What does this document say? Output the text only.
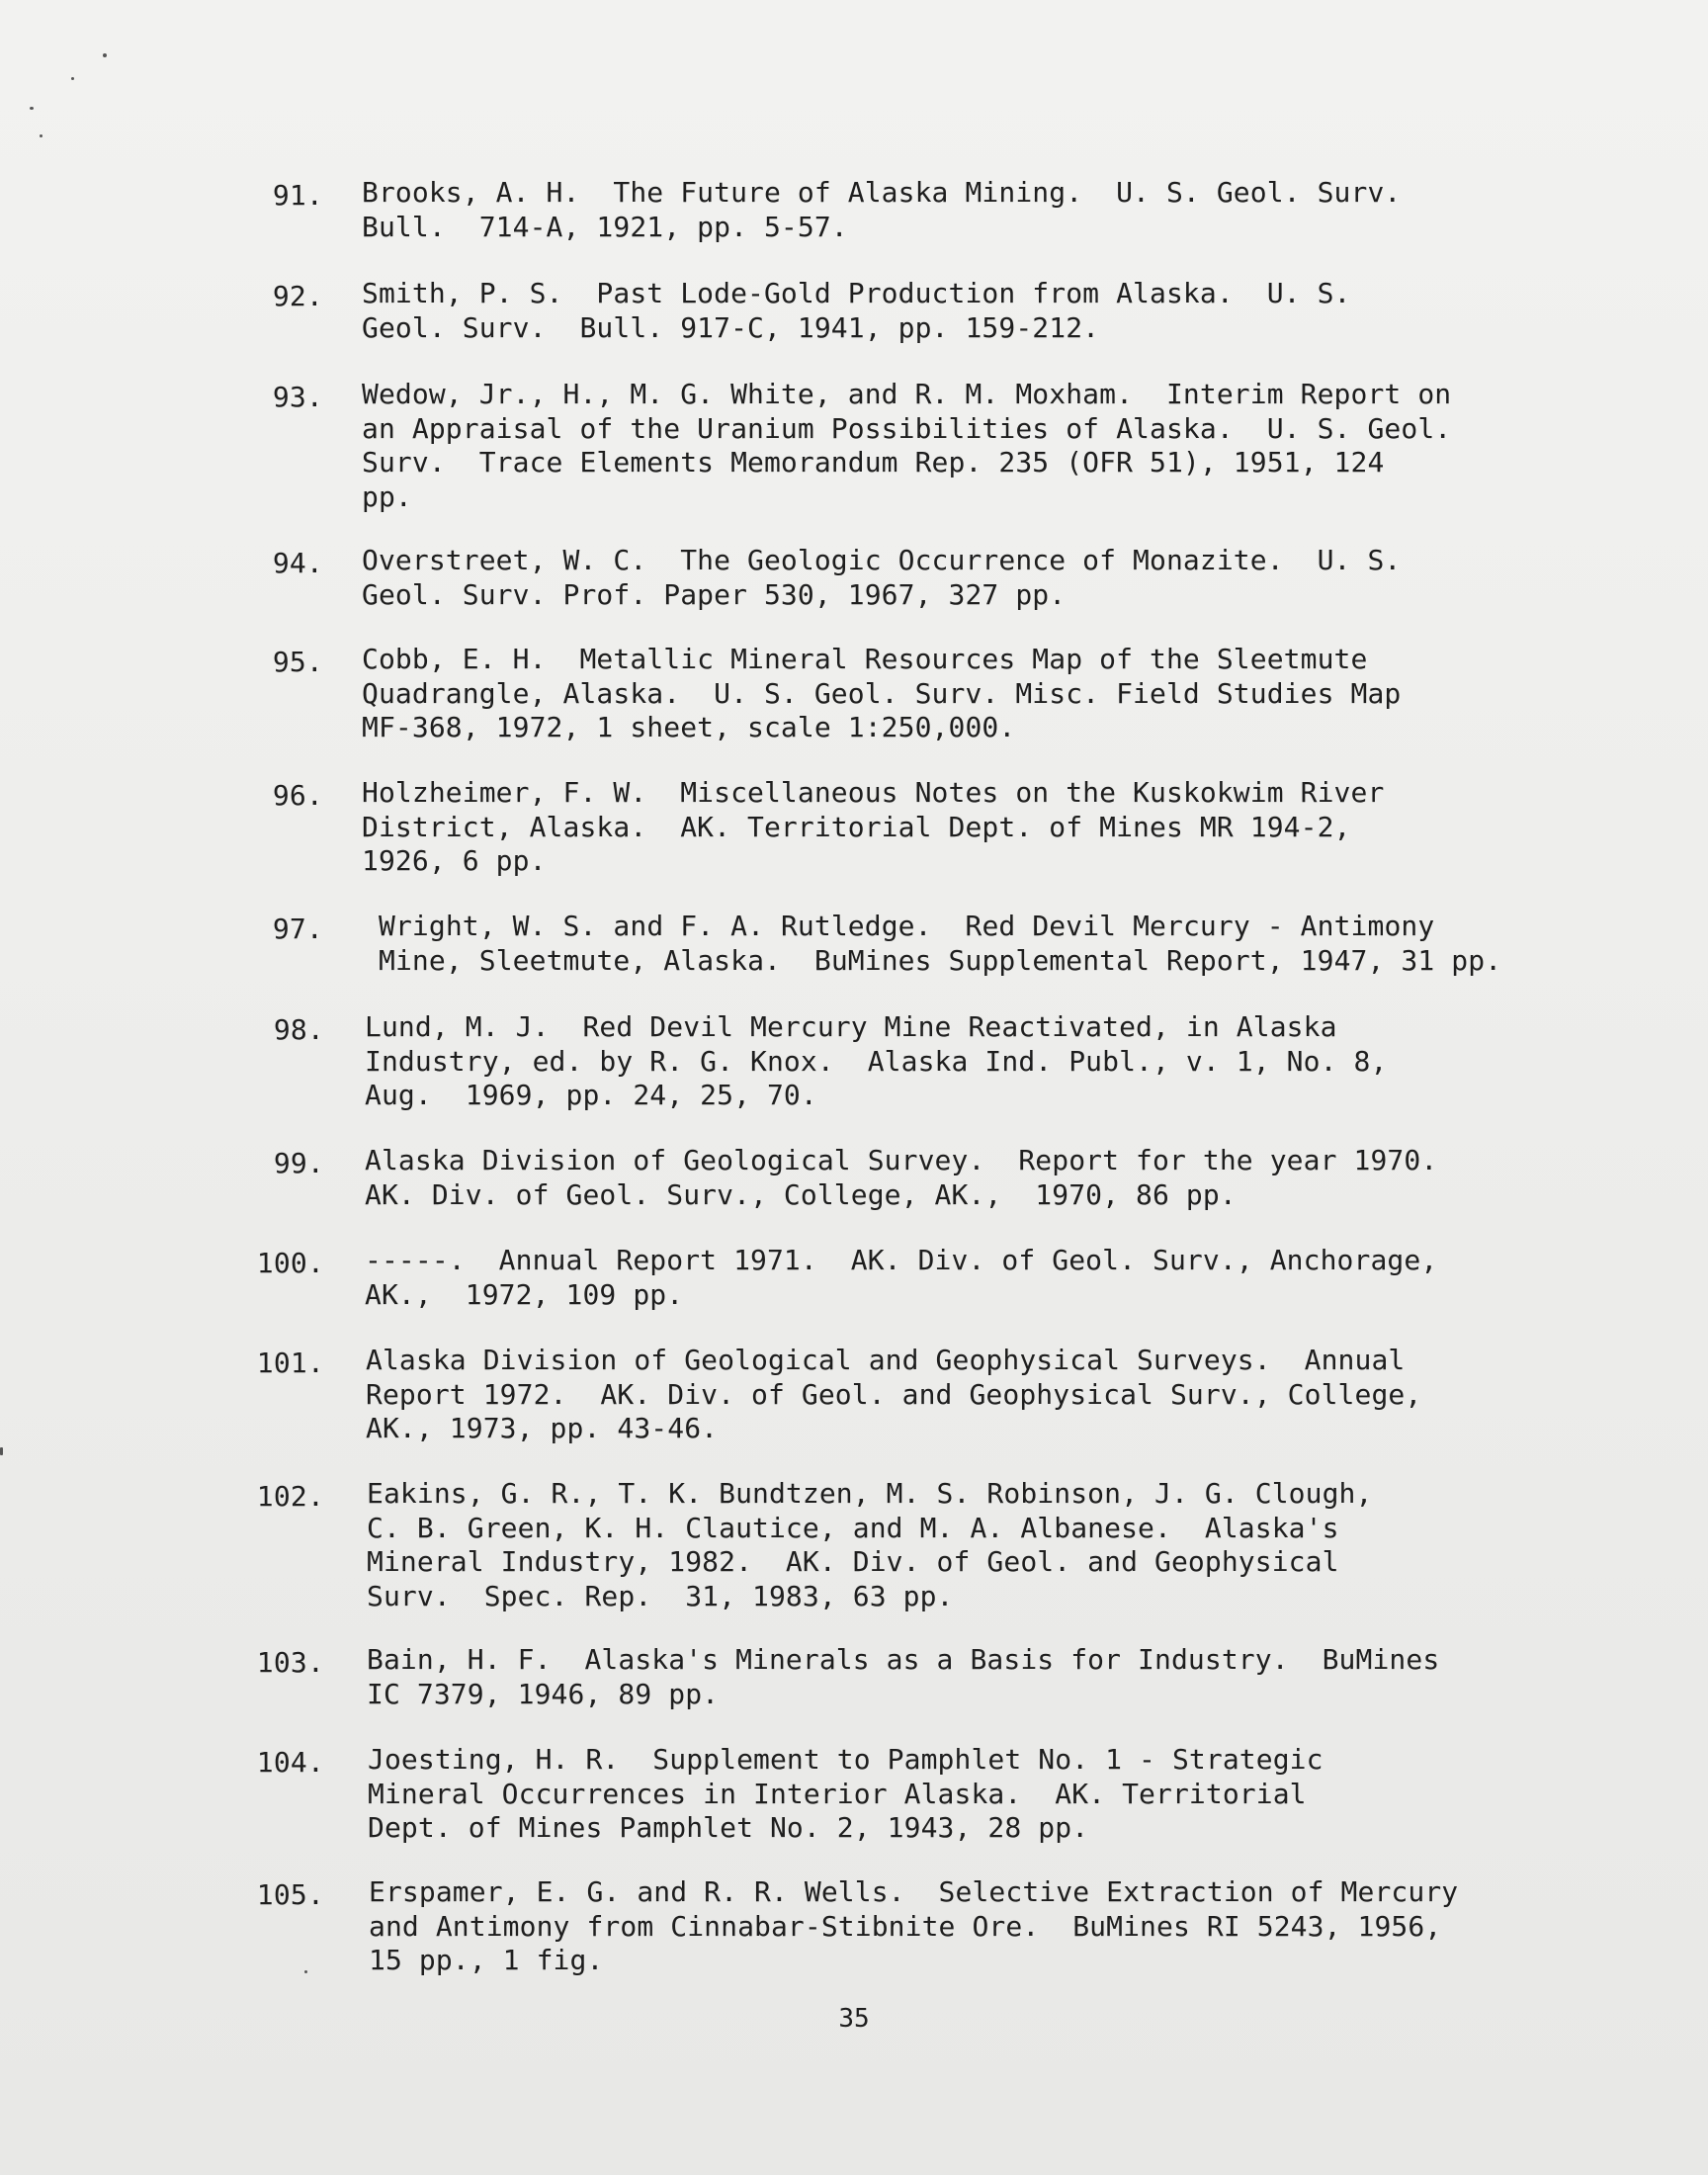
91. Brooks, A. H.  The Future of Alaska Mining.  U. S. Geol. Surv.
Bull.  714-A, 1921, pp. 5-57.
92. Smith, P. S.  Past Lode-Gold Production from Alaska.  U. S.
Geol. Surv.  Bull. 917-C, 1941, pp. 159-212.
93. Wedow, Jr., H., M. G. White, and R. M. Moxham.  Interim Report on
an Appraisal of the Uranium Possibilities of Alaska.  U. S. Geol.
Surv.  Trace Elements Memorandum Rep. 235 (OFR 51), 1951, 124
pp.
94. Overstreet, W. C.  The Geologic Occurrence of Monazite.  U. S.
Geol. Surv. Prof. Paper 530, 1967, 327 pp.
95. Cobb, E. H.  Metallic Mineral Resources Map of the Sleetmute
Quadrangle, Alaska.  U. S. Geol. Surv. Misc. Field Studies Map
MF-368, 1972, 1 sheet, scale 1:250,000.
96. Holzheimer, F. W.  Miscellaneous Notes on the Kuskokwim River
District, Alaska.  AK. Territorial Dept. of Mines MR 194-2,
1926, 6 pp.
97. Wright, W. S. and F. A. Rutledge.  Red Devil Mercury - Antimony
Mine, Sleetmute, Alaska.  BuMines Supplemental Report, 1947, 31 pp.
98. Lund, M. J.  Red Devil Mercury Mine Reactivated, in Alaska
Industry, ed. by R. G. Knox.  Alaska Ind. Publ., v. 1, No. 8,
Aug.  1969, pp. 24, 25, 70.
99. Alaska Division of Geological Survey.  Report for the year 1970.
AK. Div. of Geol. Surv., College, AK.,  1970, 86 pp.
100. -----.  Annual Report 1971.  AK. Div. of Geol. Surv., Anchorage,
AK.,  1972, 109 pp.
101. Alaska Division of Geological and Geophysical Surveys.  Annual
Report 1972.  AK. Div. of Geol. and Geophysical Surv., College,
AK., 1973, pp. 43-46.
102. Eakins, G. R., T. K. Bundtzen, M. S. Robinson, J. G. Clough,
C. B. Green, K. H. Clautice, and M. A. Albanese.  Alaska's
Mineral Industry, 1982.  AK. Div. of Geol. and Geophysical
Surv.  Spec. Rep.  31, 1983, 63 pp.
103. Bain, H. F.  Alaska's Minerals as a Basis for Industry.  BuMines
IC 7379, 1946, 89 pp.
104. Joesting, H. R.  Supplement to Pamphlet No. 1 - Strategic
Mineral Occurrences in Interior Alaska.  AK. Territorial
Dept. of Mines Pamphlet No. 2, 1943, 28 pp.
105. Erspamer, E. G. and R. R. Wells.  Selective Extraction of Mercury
and Antimony from Cinnabar-Stibnite Ore.  BuMines RI 5243, 1956,
15 pp., 1 fig.
35
